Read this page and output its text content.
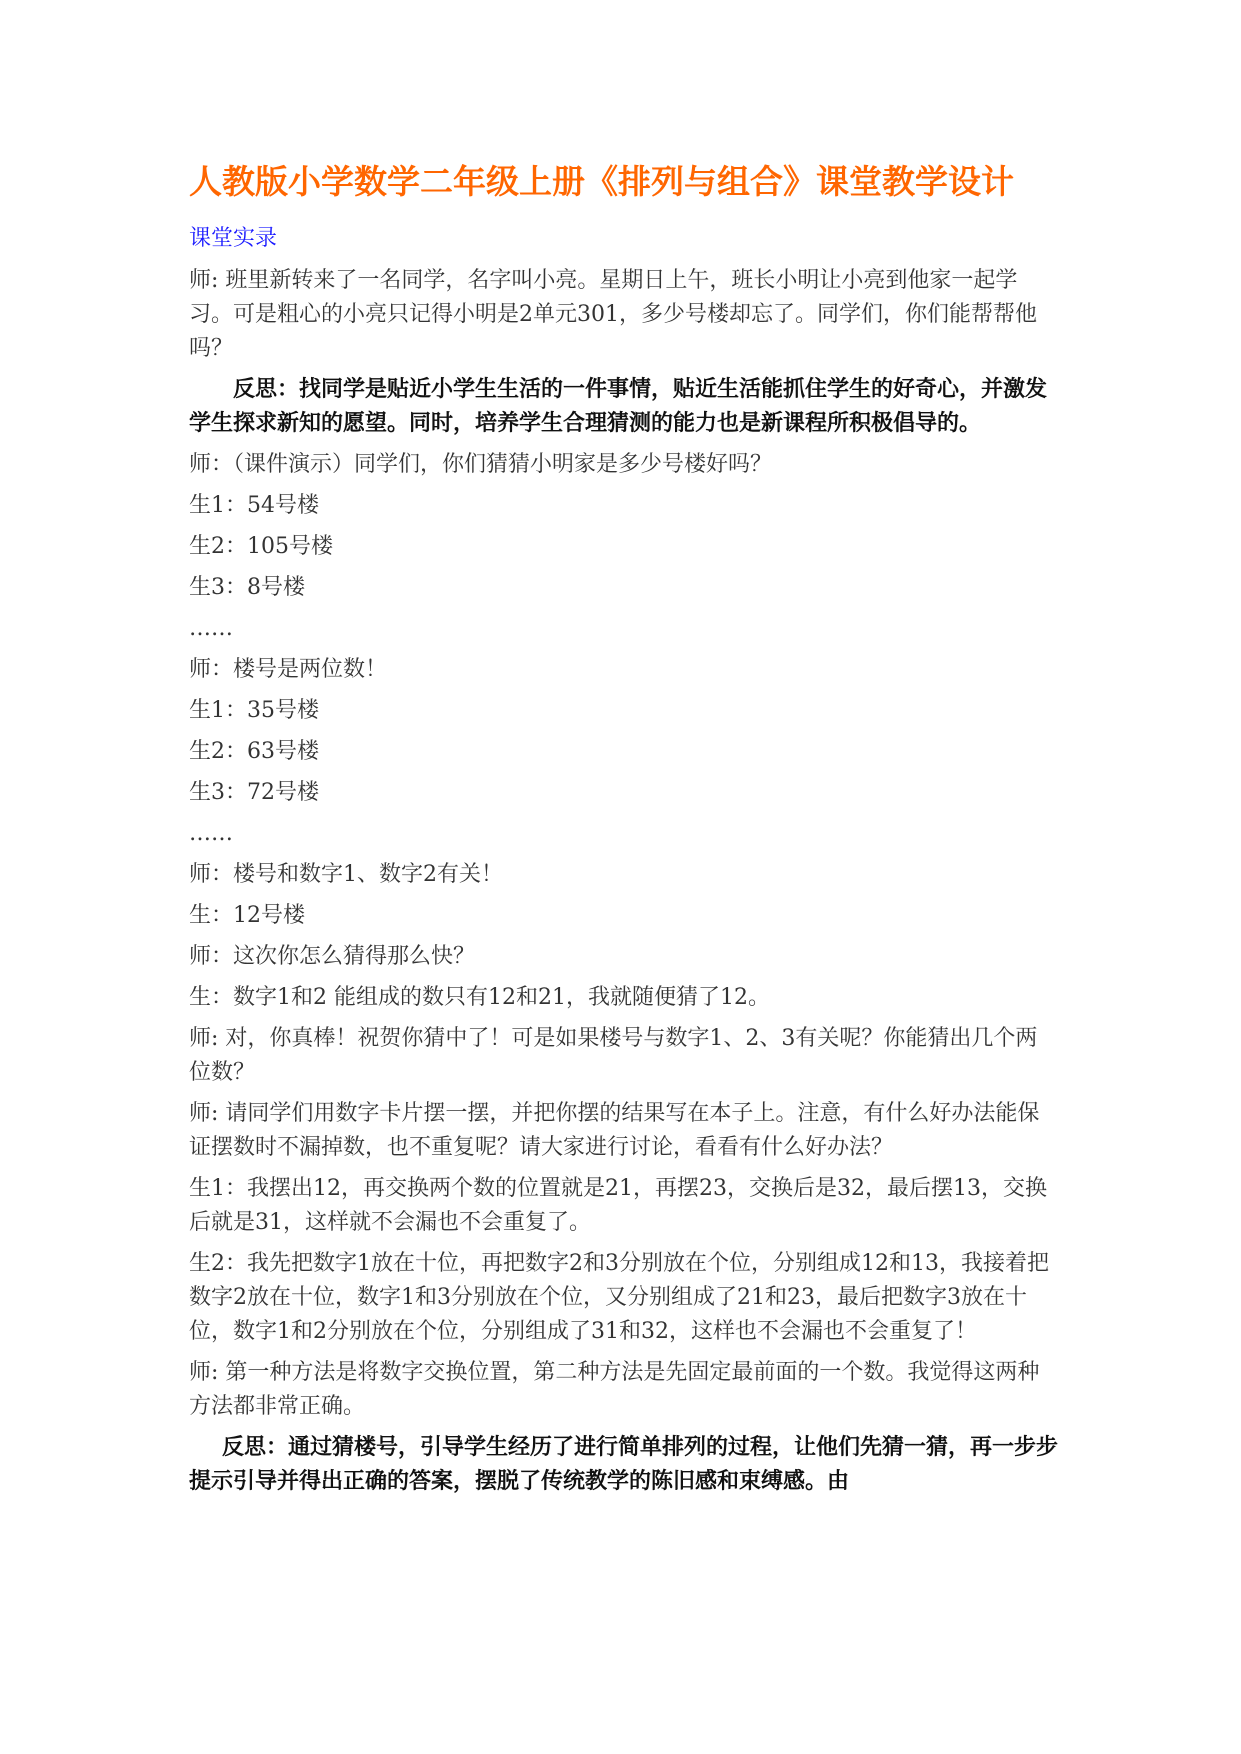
人教版小学数学二年级上册《排列与组合》课堂教学设计
课堂实录

师: 班里新转来了一名同学，名字叫小亮。星期日上午，班长小明让小亮到他家一起学习。可是粗心的小亮只记得小明是2单元301，多少号楼却忘了。同学们，你们能帮帮他吗？

反思：找同学是贴近小学生生活的一件事情，贴近生活能抓住学生的好奇心，并激发学生探求新知的愿望。同时，培养学生合理猜测的能力也是新课程所积极倡导的。

师：（课件演示）同学们，你们猜猜小明家是多少号楼好吗？

生1：54号楼

生2：105号楼

生3：8号楼

……

师：楼号是两位数！

生1：35号楼

生2：63号楼

生3：72号楼

……

师：楼号和数字1、数字2有关！

生：12号楼

师：这次你怎么猜得那么快？

生：数字1和2 能组成的数只有12和21，我就随便猜了12。

师: 对，你真棒！祝贺你猜中了！可是如果楼号与数字1、2、3有关呢？你能猜出几个两位数？

师: 请同学们用数字卡片摆一摆，并把你摆的结果写在本子上。注意，有什么好办法能保证摆数时不漏掉数，也不重复呢？请大家进行讨论，看看有什么好办法？

生1：我摆出12，再交换两个数的位置就是21，再摆23，交换后是32，最后摆13，交换后就是31，这样就不会漏也不会重复了。

生2：我先把数字1放在十位，再把数字2和3分别放在个位，分别组成12和13，我接着把数字2放在十位，数字1和3分别放在个位，又分别组成了21和23，最后把数字3放在十位，数字1和2分别放在个位，分别组成了31和32，这样也不会漏也不会重复了！

师: 第一种方法是将数字交换位置，第二种方法是先固定最前面的一个数。我觉得这两种方法都非常正确。

反思：通过猜楼号，引导学生经历了进行简单排列的过程，让他们先猜一猜，再一步步提示引导并得出正确的答案，摆脱了传统教学的陈旧感和束缚感。由
